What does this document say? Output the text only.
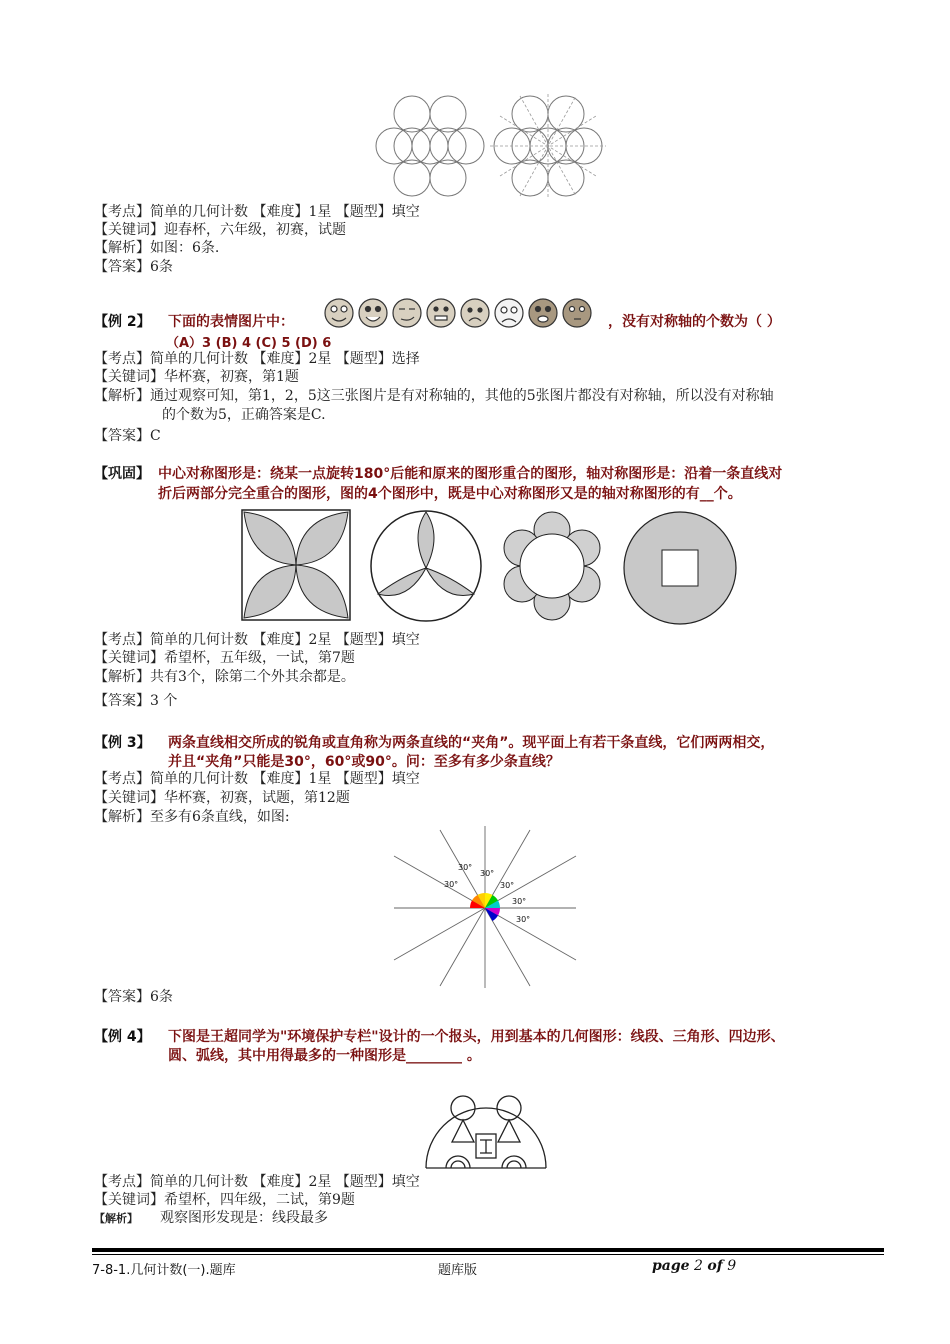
【考点】简单的几何计数 【难度】1星 【题型】填空
【关键词】迎春杯，六年级，初赛，试题
【解析】如图：6条.
【答案】6条
【例 2】 下面的表情图片中：	，没有对称轴的个数为（ ）
（A）3 (B) 4 (C) 5 (D) 6
【考点】简单的几何计数 【难度】2星 【题型】选择
【关键词】华杯赛，初赛，第1题
【解析】通过观察可知，第1，2，5这三张图片是有对称轴的，其他的5张图片都没有对称轴，所以没有对称轴
的个数为5，正确答案是C.
【答案】C
【巩固】 中心对称图形是：绕某一点旋转180°后能和原来的图形重合的图形，轴对称图形是：沿着一条直线对
折后两部分完全重合的图形，图的4个图形中，既是中心对称图形又是的轴对称图形的有__个。
【考点】简单的几何计数 【难度】2星 【题型】填空
【关键词】希望杯，五年级，一试，第7题
【解析】共有3个，除第二个外其余都是。
【答案】3 个
【例 3】 两条直线相交所成的锐角或直角称为两条直线的“夹角”。现平面上有若干条直线，它们两两相交，
并且“夹角”只能是30°，60°或90°。问：至多有多少条直线？
【考点】简单的几何计数 【难度】1星 【题型】填空
【关键词】华杯赛，初赛，试题，第12题
【解析】至多有6条直线，如图:
30°
30°
30°
30°
30°
30°
【答案】6条
【例 4】 下图是王超同学为"环境保护专栏"设计的一个报头，用到基本的几何图形：线段、三角形、四边形、
圆、弧线，其中用得最多的一种图形是________ 。
【考点】简单的几何计数 【难度】2星 【题型】填空
【关键词】希望杯，四年级，二试，第9题
【解析】 观察图形发现是：线段最多
7-8-1.几何计数(一).题库	题库版	page 2 of 9
